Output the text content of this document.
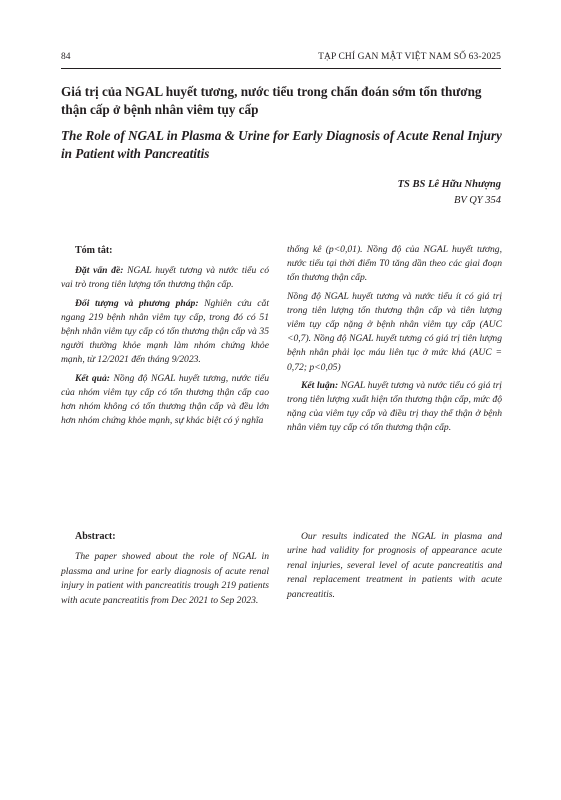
84	TẠP CHÍ GAN MẬT VIỆT NAM SỐ 63-2025
Giá trị của NGAL huyết tương, nước tiểu trong chẩn đoán sớm tổn thương thận cấp ở bệnh nhân viêm tụy cấp
The Role of NGAL in Plasma & Urine for Early Diagnosis of Acute Renal Injury in Patient with Pancreatitis
TS BS Lê Hữu Nhượng
BV QY 354
Tóm tắt:

Đặt vấn đề: NGAL huyết tương và nước tiểu có vai trò trong tiên lượng tổn thương thận cấp.

Đối tượng và phương pháp: Nghiên cứu cắt ngang 219 bệnh nhân viêm tụy cấp, trong đó có 51 bệnh nhân viêm tụy cấp có tổn thương thận cấp và 35 người thường khỏe mạnh làm nhóm chứng khỏe mạnh, từ 12/2021 đến tháng 9/2023.

Kết quả: Nồng độ NGAL huyết tương, nước tiểu của nhóm viêm tụy cấp có tổn thương thận cấp cao hơn nhóm không có tổn thương thận cấp và đều lớn hơn nhóm chứng khỏe mạnh, sự khác biệt có ý nghĩa

thống kê (p<0,01). Nồng độ của NGAL huyết tương, nước tiểu tại thời điểm T0 tăng dần theo các giai đoạn tổn thương thận cấp.

Nồng độ NGAL huyết tương và nước tiểu ít có giá trị trong tiên lượng tổn thương thận cấp và tiên lượng viêm tụy cấp nặng ở bệnh nhân viêm tụy cấp (AUC <0,7). Nồng độ NGAL huyết tương có giá trị tiên lượng bệnh nhân phải lọc máu liên tục ở mức khá (AUC = 0,72; p<0,05)

Kết luận: NGAL huyết tương và nước tiểu có giá trị trong tiên lượng xuất hiện tổn thương thận cấp, mức độ nặng của viêm tụy cấp và điều trị thay thế thận ở bệnh nhân viêm tụy cấp có tổn thương thận cấp.

Abstract:

The paper showed about the role of NGAL in plassma and urine for early diagnosis of acute renal injury in patient with pancreatitis trough 219 patients with acute pancreatitis from Dec 2021 to Sep 2023.

Our results indicated the NGAL in plasma and urine had validity for prognosis of appearance acute renal injuries, several level of acute pancreatitis and renal replacement treatment in patients with acute pancreatitis.
